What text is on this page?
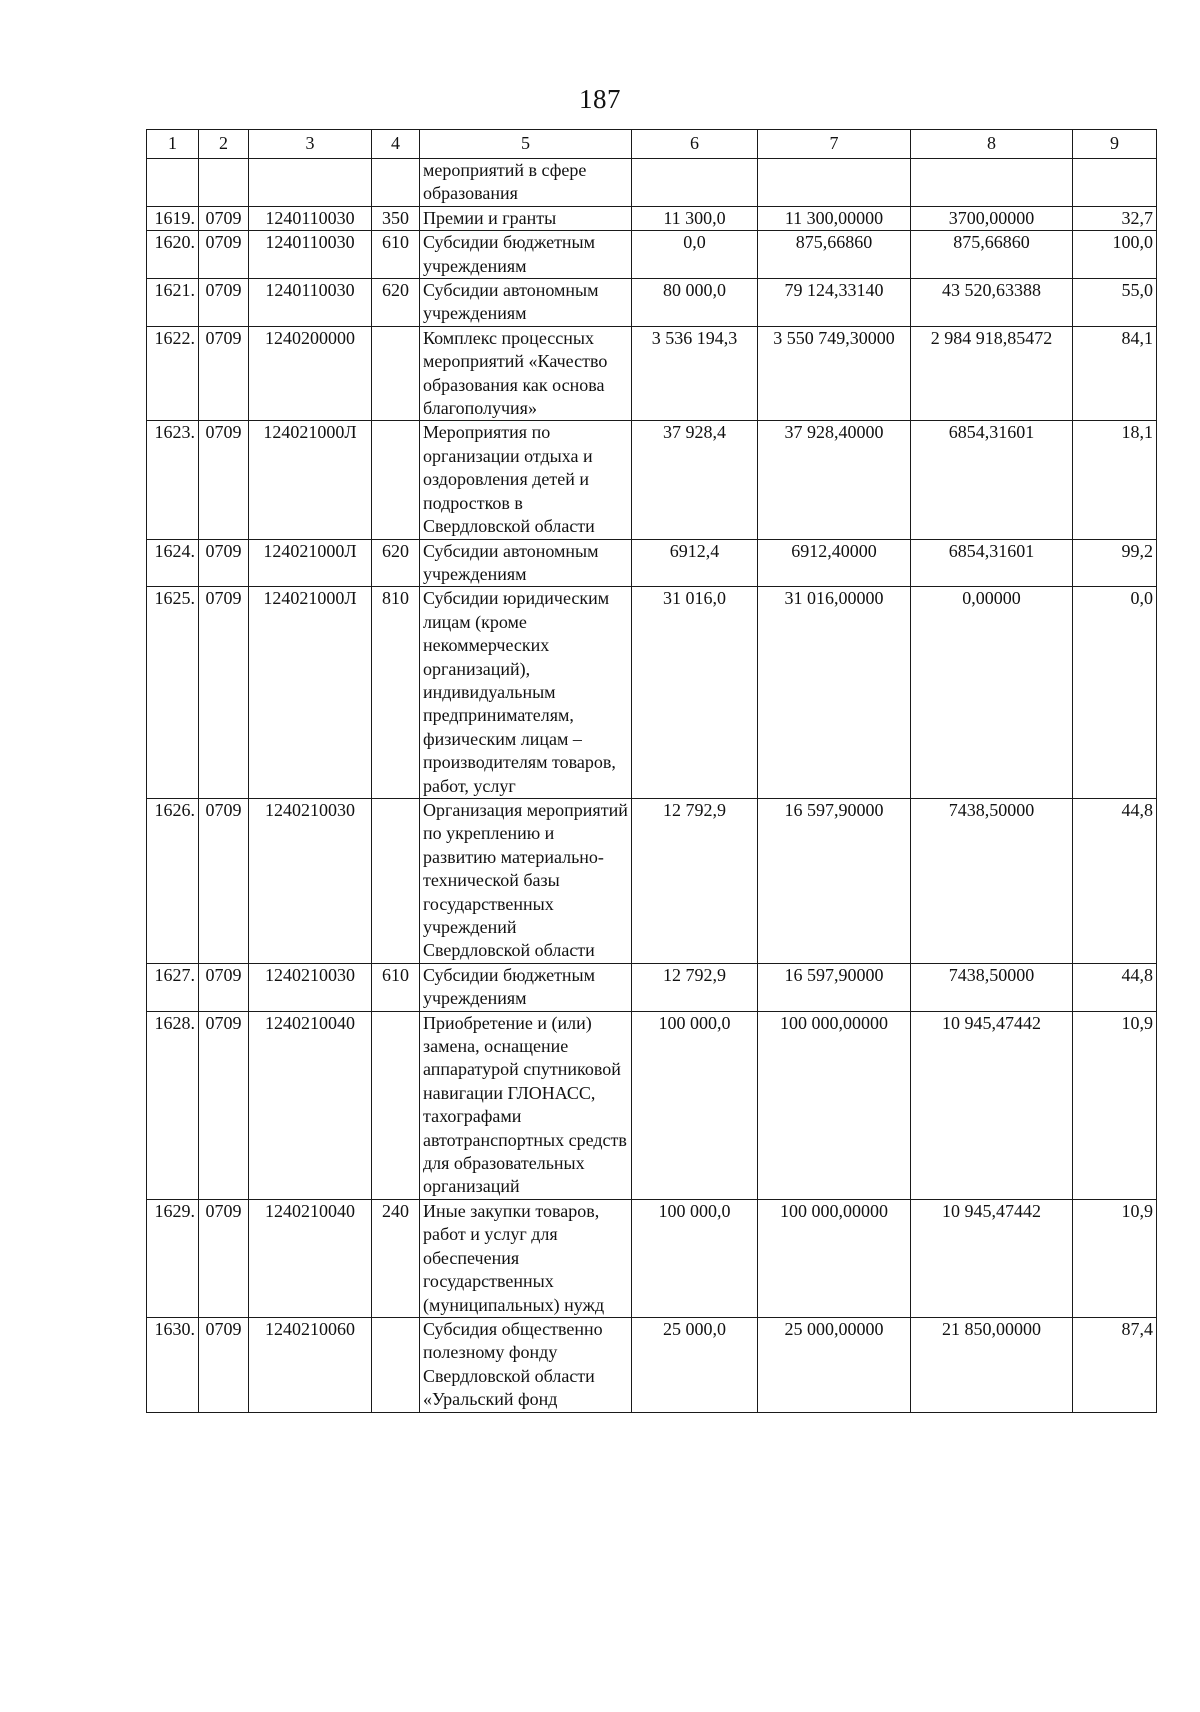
187
1	2	3	4	5	6	7	8	9
				мероприятий в сфере образования				
1619.	0709	1240110030	350	Премии и гранты	11 300,0	11 300,00000	3700,00000	32,7
1620.	0709	1240110030	610	Субсидии бюджетным учреждениям	0,0	875,66860	875,66860	100,0
1621.	0709	1240110030	620	Субсидии автономным учреждениям	80 000,0	79 124,33140	43 520,63388	55,0
1622.	0709	1240200000		Комплекс процессных мероприятий «Качество образования как основа благополучия»	3 536 194,3	3 550 749,30000	2 984 918,85472	84,1
1623.	0709	124021000Л		Мероприятия по организации отдыха и оздоровления детей и подростков в Свердловской области	37 928,4	37 928,40000	6854,31601	18,1
1624.	0709	124021000Л	620	Субсидии автономным учреждениям	6912,4	6912,40000	6854,31601	99,2
1625.	0709	124021000Л	810	Субсидии юридическим лицам (кроме некоммерческих организаций), индивидуальным предпринимателям, физическим лицам – производителям товаров, работ, услуг	31 016,0	31 016,00000	0,00000	0,0
1626.	0709	1240210030		Организация мероприятий по укреплению и развитию материально-технической базы государственных учреждений Свердловской области	12 792,9	16 597,90000	7438,50000	44,8
1627.	0709	1240210030	610	Субсидии бюджетным учреждениям	12 792,9	16 597,90000	7438,50000	44,8
1628.	0709	1240210040		Приобретение и (или) замена, оснащение аппаратурой спутниковой навигации ГЛОНАСС, тахографами автотранспортных средств для образовательных организаций	100 000,0	100 000,00000	10 945,47442	10,9
1629.	0709	1240210040	240	Иные закупки товаров, работ и услуг для обеспечения государственных (муниципальных) нужд	100 000,0	100 000,00000	10 945,47442	10,9
1630.	0709	1240210060		Субсидия общественно полезному фонду Свердловской области «Уральский фонд	25 000,0	25 000,00000	21 850,00000	87,4
